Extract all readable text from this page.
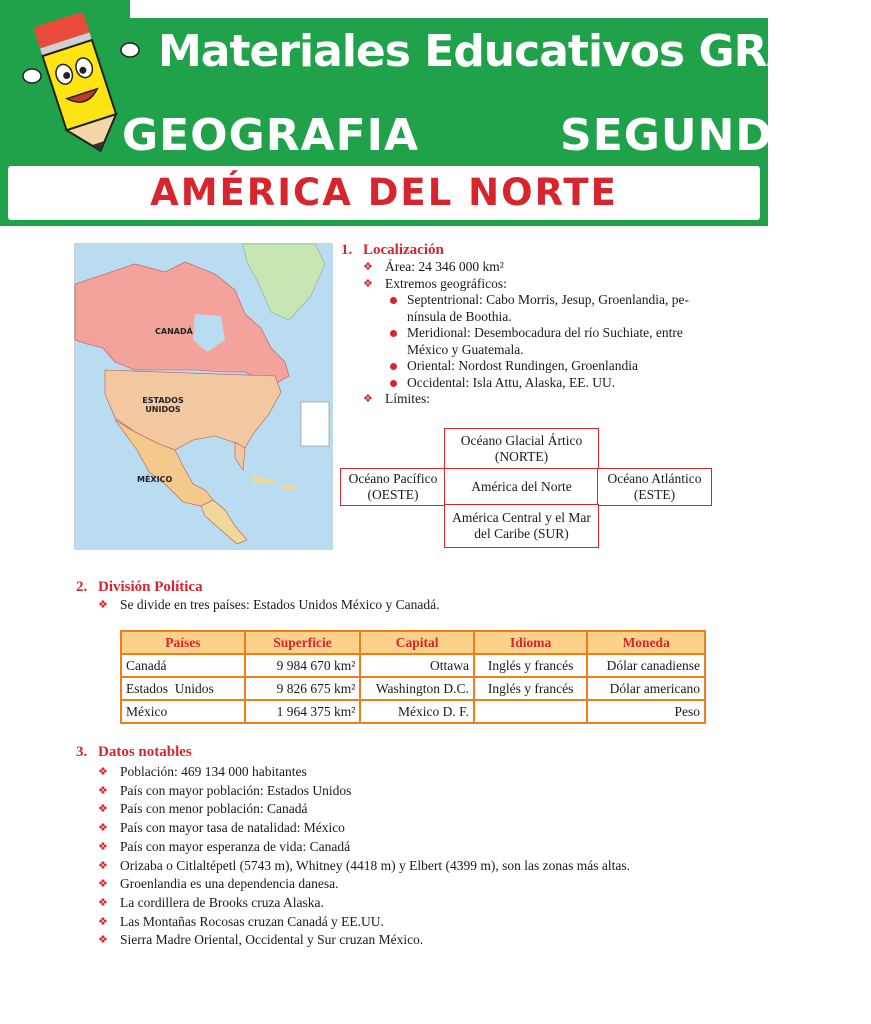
Materiales Educativos GRATIS
GEOGRAFIA	SEGUNDO
AMÉRICA DEL NORTE
CANADÁ
ESTADOS UNIDOS
MÉXICO
1. Localización
❖ Área: 24 346 000 km²
❖ Extremos geográficos:
Septentrional: Cabo Morris, Jesup, Groenlandia, pe-
nínsula de Boothia.
Meridional: Desembocadura del río Suchiate, entre
México y Guatemala.
Oriental: Nordost Rundingen, Groenlandia
Occidental: Isla Attu, Alaska, EE. UU.
❖ Límites:
Océano Glacial Ártico
(NORTE)
Océano Pacífico
(OESTE)
América del Norte
Océano Atlántico
(ESTE)
América Central y el Mar
del Caribe (SUR)
2. División Política
❖ Se divide en tres países: Estados Unidos México y Canadá.
Países	Superficie	Capital	Idioma	Moneda
Canadá	9 984 670 km²	Ottawa	Inglés y francés	Dólar canadiense
Estados  Unidos	9 826 675 km²	Washington D.C.	Inglés y francés	Dólar americano
México	1 964 375 km²	México D. F.		Peso
3. Datos notables
❖ Población: 469 134 000 habitantes
❖ País con mayor población: Estados Unidos
❖ País con menor población: Canadá
❖ País con mayor tasa de natalidad: México
❖ País con mayor esperanza de vida: Canadá
❖ Orizaba o Citlaltépetl (5743 m), Whitney (4418 m) y Elbert (4399 m), son las zonas más altas.
❖ Groenlandia es una dependencia danesa.
❖ La cordillera de Brooks cruza Alaska.
❖ Las Montañas Rocosas cruzan Canadá y EE.UU.
❖ Sierra Madre Oriental, Occidental y Sur cruzan México.
